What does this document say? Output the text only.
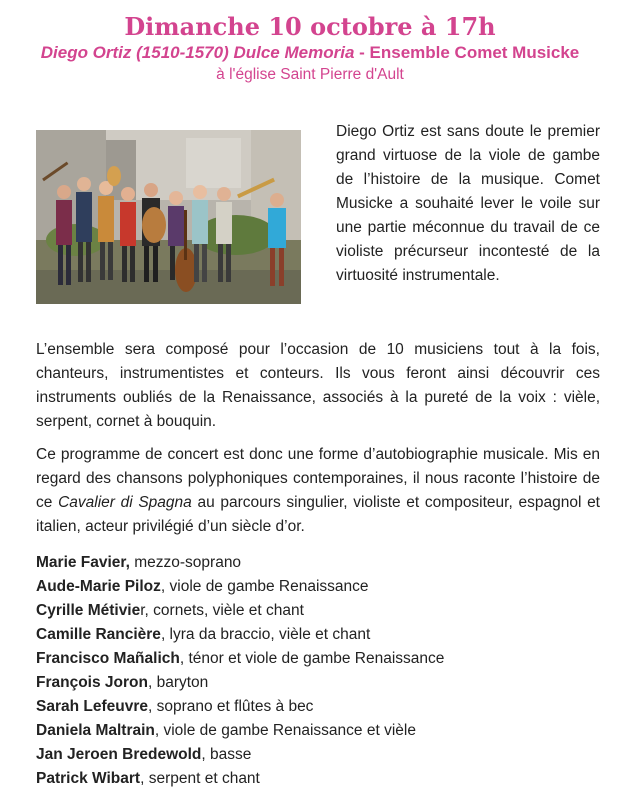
Dimanche 10 octobre à 17h
Diego Ortiz (1510-1570) Dulce Memoria - Ensemble Comet Musicke
à l'église Saint Pierre d'Ault

Diego Ortiz est sans doute le premier grand virtuose de la viole de gambe de l’histoire de la musique. Comet Musicke a souhaité lever le voile sur une partie méconnue du travail de ce violiste précurseur incontesté de la virtuosité instrumentale.

L’ensemble sera composé pour l’occasion de 10 musiciens tout à la fois, chanteurs, instrumentistes et conteurs. Ils vous feront ainsi découvrir ces instruments oubliés de la Renaissance, associés à la pureté de la voix : vièle, serpent, cornet à bouquin.

Ce programme de concert est donc une forme d’autobiographie musicale. Mis en regard des chansons polyphoniques contemporaines, il nous raconte l’histoire de ce Cavalier di Spagna au parcours singulier, violiste et compositeur, espagnol et italien, acteur privilégié d’un siècle d’or.

Marie Favier, mezzo-soprano
Aude-Marie Piloz, viole de gambe Renaissance
Cyrille Métivier, cornets, vièle et chant
Camille Rancière, lyra da braccio, vièle et chant
Francisco Mañalich, ténor et viole de gambe Renaissance
François Joron, baryton
Sarah Lefeuvre, soprano et flûtes à bec
Daniela Maltrain, viole de gambe Renaissance et vièle
Jan Jeroen Bredewold, basse
Patrick Wibart, serpent et chant
